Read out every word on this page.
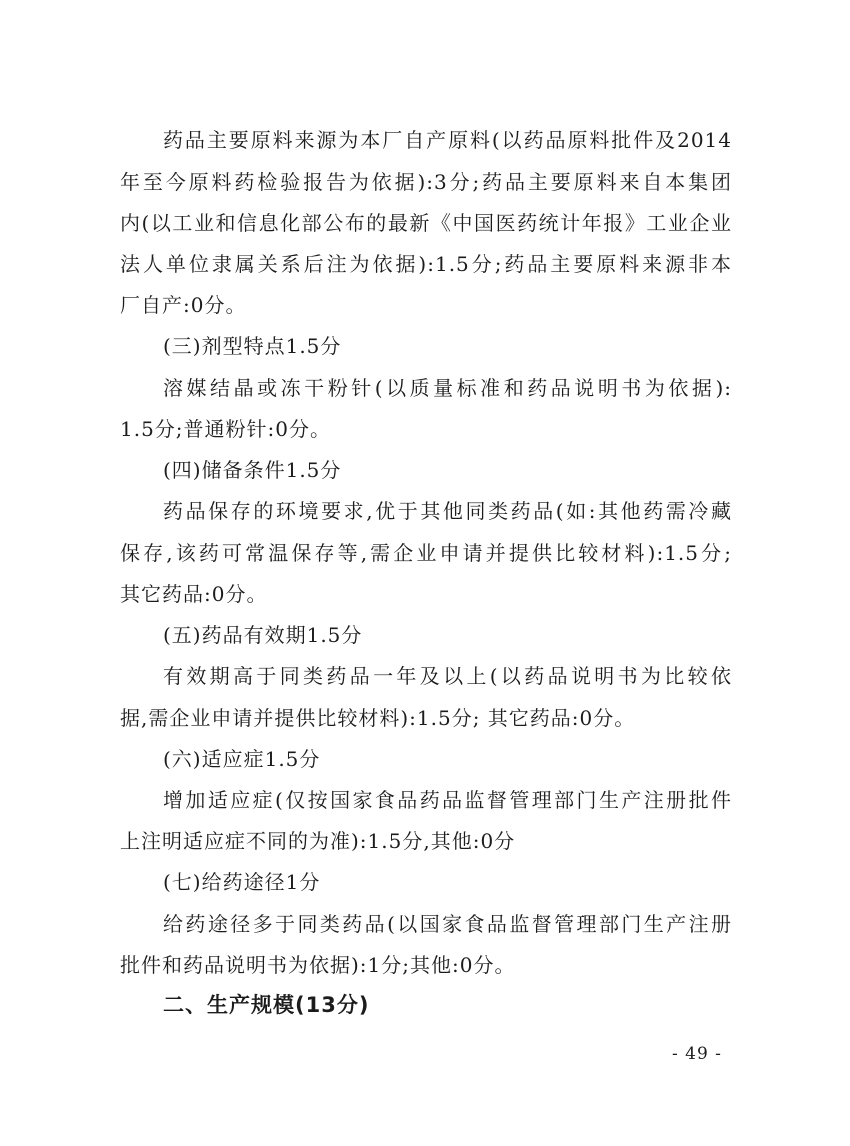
药品主要原料来源为本厂自产原料(以药品原料批件及2014
年至今原料药检验报告为依据):3分;药品主要原料来自本集团
内(以工业和信息化部公布的最新《中国医药统计年报》工业企业
法人单位隶属关系后注为依据):1.5分;药品主要原料来源非本
厂自产:0分。
(三)剂型特点1.5分
溶媒结晶或冻干粉针(以质量标准和药品说明书为依据):
1.5分;普通粉针:0分。
(四)储备条件1.5分
药品保存的环境要求,优于其他同类药品(如:其他药需冷藏
保存,该药可常温保存等,需企业申请并提供比较材料):1.5分;
其它药品:0分。
(五)药品有效期1.5分
有效期高于同类药品一年及以上(以药品说明书为比较依
据,需企业申请并提供比较材料):1.5分; 其它药品:0分。
(六)适应症1.5分
增加适应症(仅按国家食品药品监督管理部门生产注册批件
上注明适应症不同的为准):1.5分,其他:0分
(七)给药途径1分
给药途径多于同类药品(以国家食品监督管理部门生产注册
批件和药品说明书为依据):1分;其他:0分。
二、生产规模(13分)
- 49 -
